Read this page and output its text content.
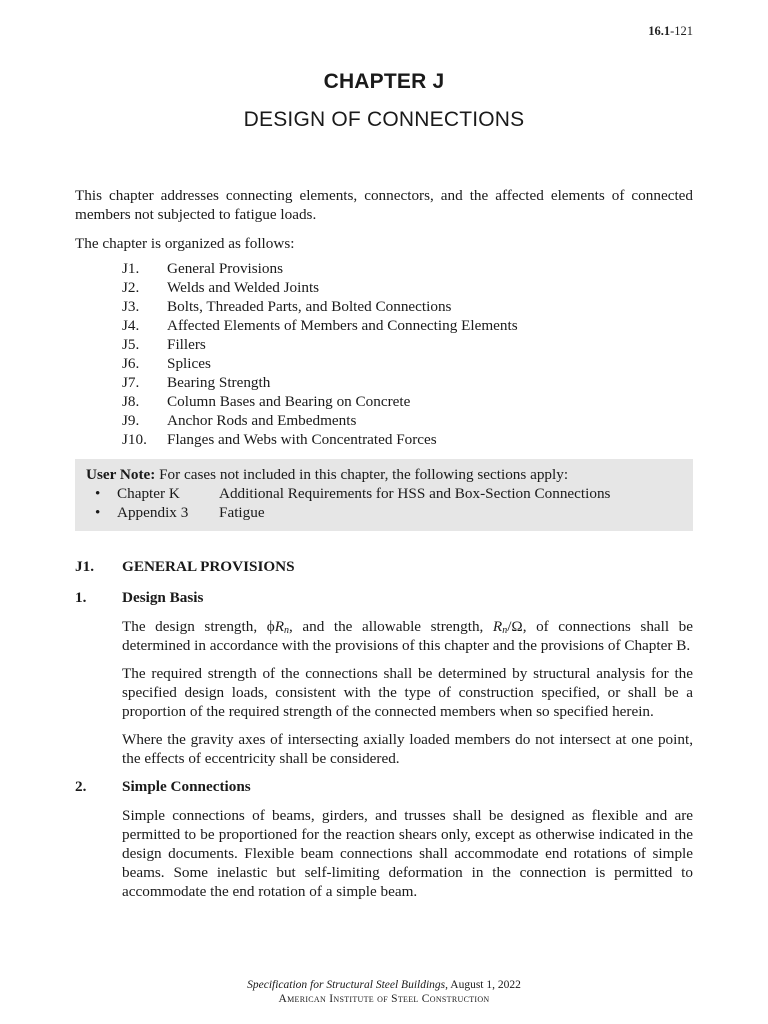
16.1-121
CHAPTER J
DESIGN OF CONNECTIONS

This chapter addresses connecting elements, connectors, and the affected elements of connected members not subjected to fatigue loads.

The chapter is organized as follows:

J1.	General Provisions
J2.	Welds and Welded Joints
J3.	Bolts, Threaded Parts, and Bolted Connections
J4.	Affected Elements of Members and Connecting Elements
J5.	Fillers
J6.	Splices
J7.	Bearing Strength
J8.	Column Bases and Bearing on Concrete
J9.	Anchor Rods and Embedments
J10.	Flanges and Webs with Concentrated Forces
User Note:
For cases not included in this chapter, the following sections apply:
•	Chapter K	Additional Requirements for HSS and Box-Section Connections
•	Appendix 3	Fatigue
J1.	GENERAL PROVISIONS
1.	Design Basis

The design strength, $\phi R_n$, and the allowable strength, $R_n/\Omega$, of connections shall be determined in accordance with the provisions of this chapter and the provisions of Chapter B.

The required strength of the connections shall be determined by structural analysis for the specified design loads, consistent with the type of construction specified, or shall be a proportion of the required strength of the connected members when so specified herein.

Where the gravity axes of intersecting axially loaded members do not intersect at one point, the effects of eccentricity shall be considered.

2.	Simple Connections

Simple connections of beams, girders, and trusses shall be designed as flexible and are permitted to be proportioned for the reaction shears only, except as otherwise indicated in the design documents. Flexible beam connections shall accommodate end rotations of simple beams. Some inelastic but self-limiting deformation in the connection is permitted to accommodate the end rotation of a simple beam.

Specification for Structural Steel Buildings, August 1, 2022
American Institute of Steel Construction
